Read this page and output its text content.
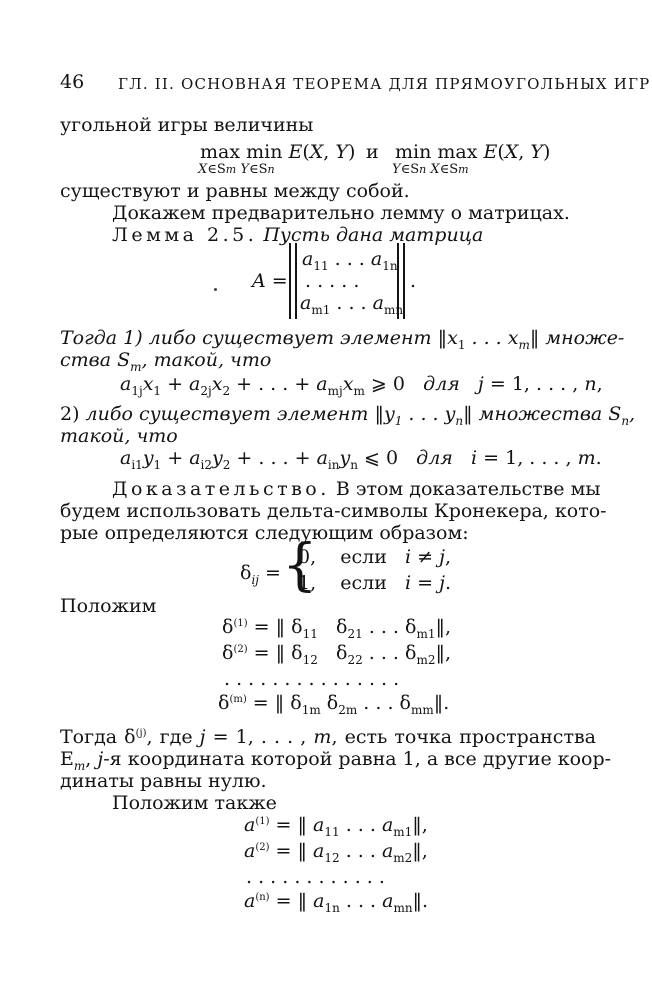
46 ГЛ. II. ОСНОВНАЯ ТЕОРЕМА ДЛЯ ПРЯМОУГОЛЬНЫХ ИГР
угольной игры величины
max min E(X, Y)
X∈Sm Y∈Sn
и min max E(X, Y)
Y∈Sn X∈Sm
существуют и равны между собой.
Докажем предварительно лемму о матрицах.
Лемма 2.5. Пусть дана матрица
A =
$a_{11}$ . . . $a_{1n}$
. . . . .
$a_{m1}$ . . . $a_{mn}$
.
Тогда 1) либо существует элемент $‖x_1$ . . . $x_m‖$ множе-
ства $S_m$, такой, что
$a_{1j}x_1 + a_{2j}x_2$ + . . . + $a_{mj}x_m$ ⩾ 0   для j = 1, . . . , n,
2) либо существует элемент $‖y_1$ . . . $y_n‖$ множества $S_n$,
такой, что
$a_{i1}y_1 + a_{i2}y_2$ + . . . + $a_{in}y_n$ ⩽ 0   для i = 1, . . . , m.
Доказательство. В этом доказательстве мы
будем использовать дельта-символы Кронекера, кото-
рые определяются следующим образом:
$\delta_{ij}$ = {
0,    если   i ≠ j,
1,    если   i = j.
Положим
$\delta^{(1)}$ = ‖ $\delta_{11}$   $\delta_{21}$ . . . $\delta_{m1}‖$,
$\delta^{(2)}$ = ‖ $\delta_{12}$   $\delta_{22}$ . . . $\delta_{m2}‖$,
. . . . . . . . . . . . . . .
$\delta^{(m)}$ = ‖ $\delta_{1m}$ $\delta_{2m}$ . . . $\delta_{mm}‖$.
Тогда $\delta^{(j)}$, где j = 1, . . . , m, есть точка пространства
$E_m$, j-я координата которой равна 1, а все другие коор-
динаты равны нулю.
Положим также
$a^{(1)}$ = ‖ $a_{11}$ . . . $a_{m1}‖$,
$a^{(2)}$ = ‖ $a_{12}$ . . . $a_{m2}‖$,
. . . . . . . . . . . .
$a^{(n)}$ = ‖ $a_{1n}$ . . . $a_{mn}‖$.
